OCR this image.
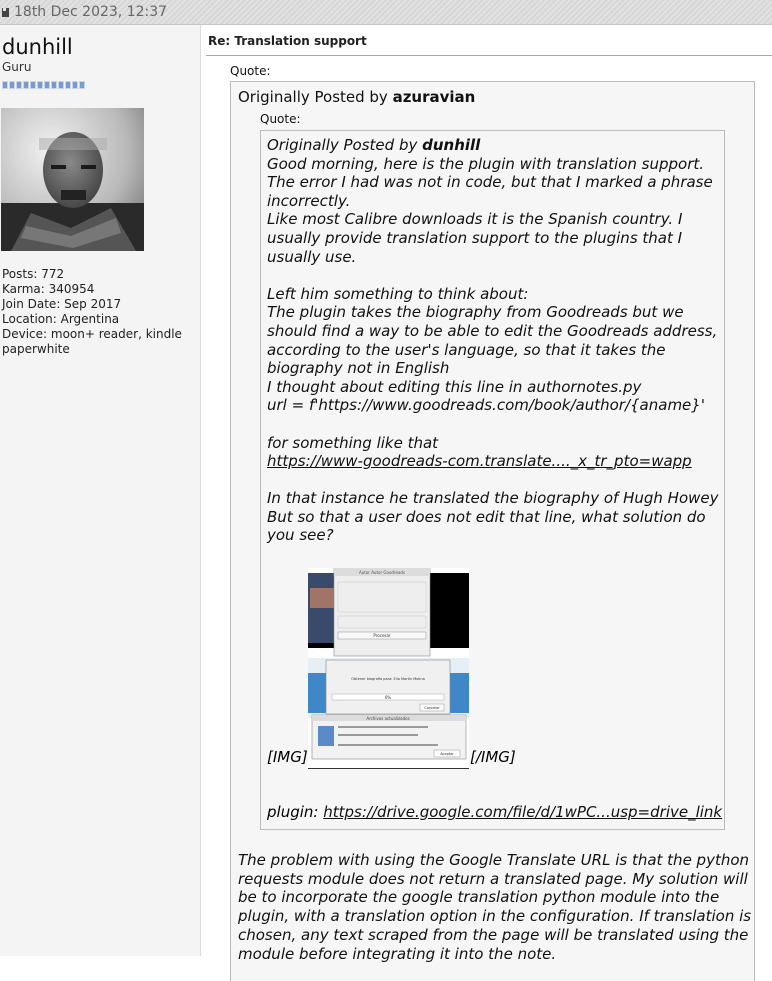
18th Dec 2023, 12:37
dunhill
Guru
Posts: 772
Karma: 340954
Join Date: Sep 2017
Location: Argentina
Device: moon+ reader, kindle paperwhite
Re: Translation support
Quote:
Originally Posted by azuravian
Quote:

Originally Posted by dunhill

Good morning, here is the plugin with translation support.

The error I had was not in code, but that I marked a phrase incorrectly.

Like most Calibre downloads it is the Spanish country. I usually provide translation support to the plugins that I usually use.

Left him something to think about:

The plugin takes the biography from Goodreads but we should find a way to be able to edit the Goodreads address, according to the user's language, so that it takes the biography not in English

I thought about editing this line in authornotes.py

url = f'https://www.goodreads.com/book/author/{aname}'

for something like that

https://www-goodreads-com.translate...._x_tr_pto=wapp

In that instance he translated the biography of Hugh Howey

But so that a user does not edit that line, what solution do you see?

Autor Autor Goodreads
Procesar
Obtener biografia para: Elia Martin Molina
0%
Cancelar
Archivos actualizados
Aceptar
[IMG]	[/IMG]
plugin: https://drive.google.com/file/d/1wPC...usp=drive_link
The problem with using the Google Translate URL is that the python requests module does not return a translated page. My solution will be to incorporate the google translation python module into the plugin, with a translation option in the configuration. If translation is chosen, any text scraped from the page will be translated using the module before integrating it into the note.
